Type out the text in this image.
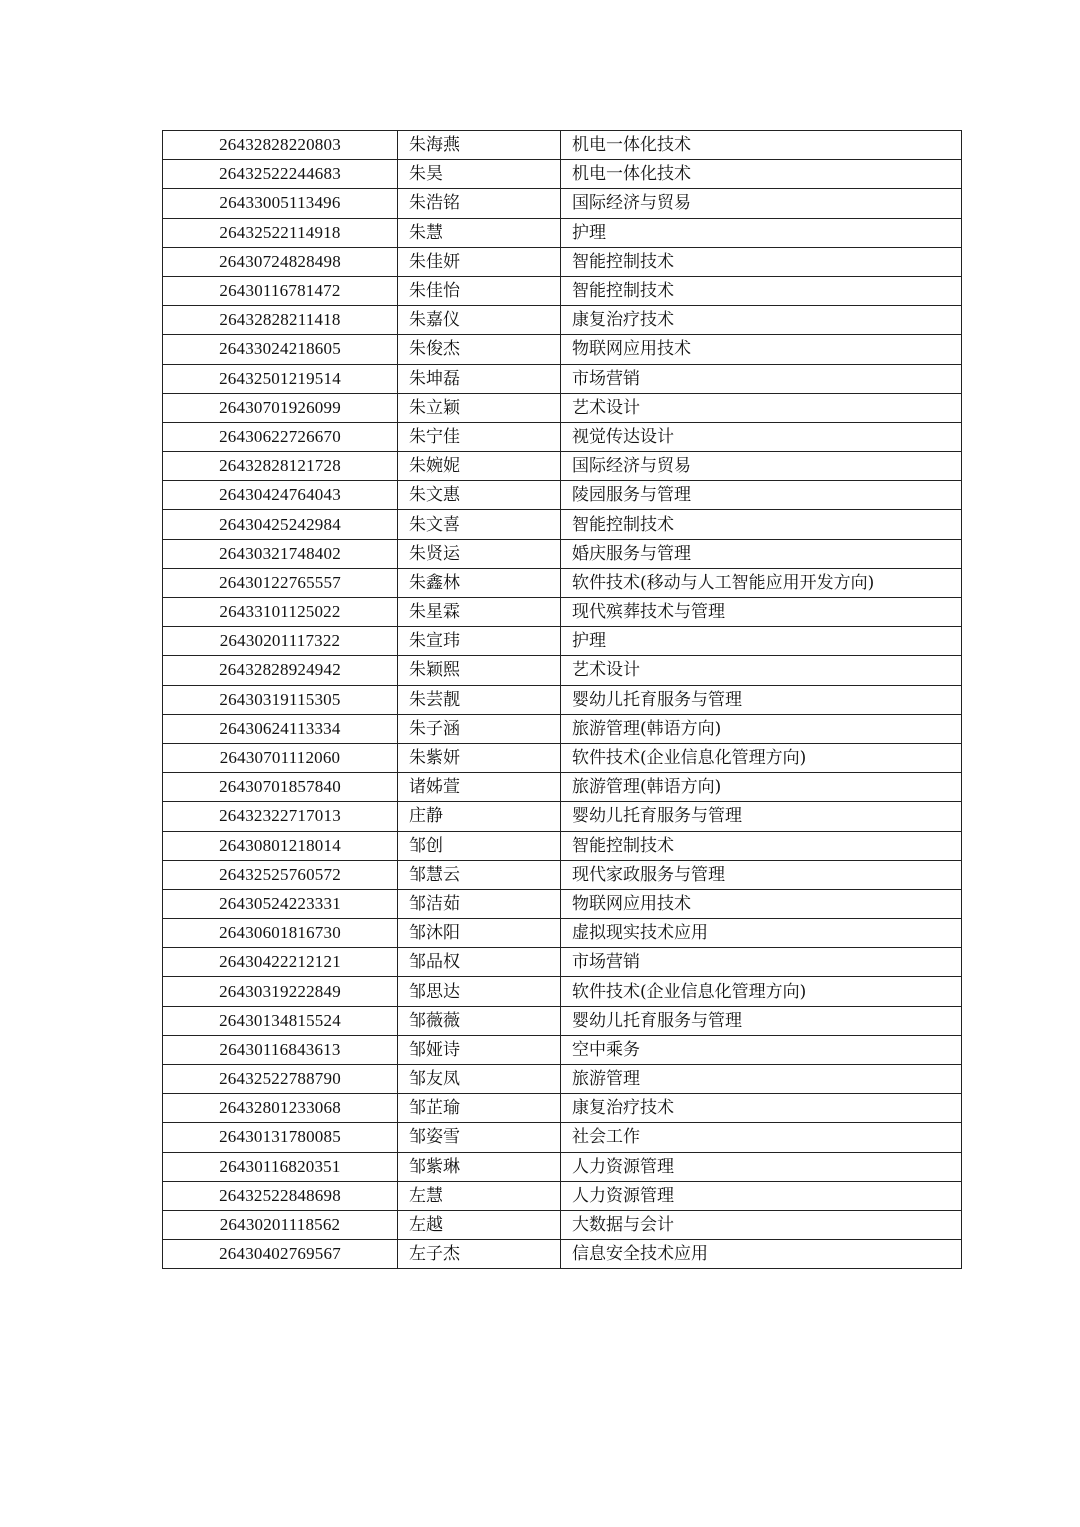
26432828220803	朱海燕	机电一体化技术
26432522244683	朱昊	机电一体化技术
26433005113496	朱浩铭	国际经济与贸易
26432522114918	朱慧	护理
26430724828498	朱佳妍	智能控制技术
26430116781472	朱佳怡	智能控制技术
26432828211418	朱嘉仪	康复治疗技术
26433024218605	朱俊杰	物联网应用技术
26432501219514	朱坤磊	市场营销
26430701926099	朱立颖	艺术设计
26430622726670	朱宁佳	视觉传达设计
26432828121728	朱婉妮	国际经济与贸易
26430424764043	朱文惠	陵园服务与管理
26430425242984	朱文喜	智能控制技术
26430321748402	朱贤运	婚庆服务与管理
26430122765557	朱鑫林	软件技术(移动与人工智能应用开发方向)
26433101125022	朱星霖	现代殡葬技术与管理
26430201117322	朱宣玮	护理
26432828924942	朱颖熙	艺术设计
26430319115305	朱芸靓	婴幼儿托育服务与管理
26430624113334	朱子涵	旅游管理(韩语方向)
26430701112060	朱紫妍	软件技术(企业信息化管理方向)
26430701857840	诸姊萱	旅游管理(韩语方向)
26432322717013	庄静	婴幼儿托育服务与管理
26430801218014	邹创	智能控制技术
26432525760572	邹慧云	现代家政服务与管理
26430524223331	邹洁茹	物联网应用技术
26430601816730	邹沐阳	虚拟现实技术应用
26430422212121	邹品权	市场营销
26430319222849	邹思达	软件技术(企业信息化管理方向)
26430134815524	邹薇薇	婴幼儿托育服务与管理
26430116843613	邹娅诗	空中乘务
26432522788790	邹友凤	旅游管理
26432801233068	邹芷瑜	康复治疗技术
26430131780085	邹姿雪	社会工作
26430116820351	邹紫琳	人力资源管理
26432522848698	左慧	人力资源管理
26430201118562	左越	大数据与会计
26430402769567	左子杰	信息安全技术应用
